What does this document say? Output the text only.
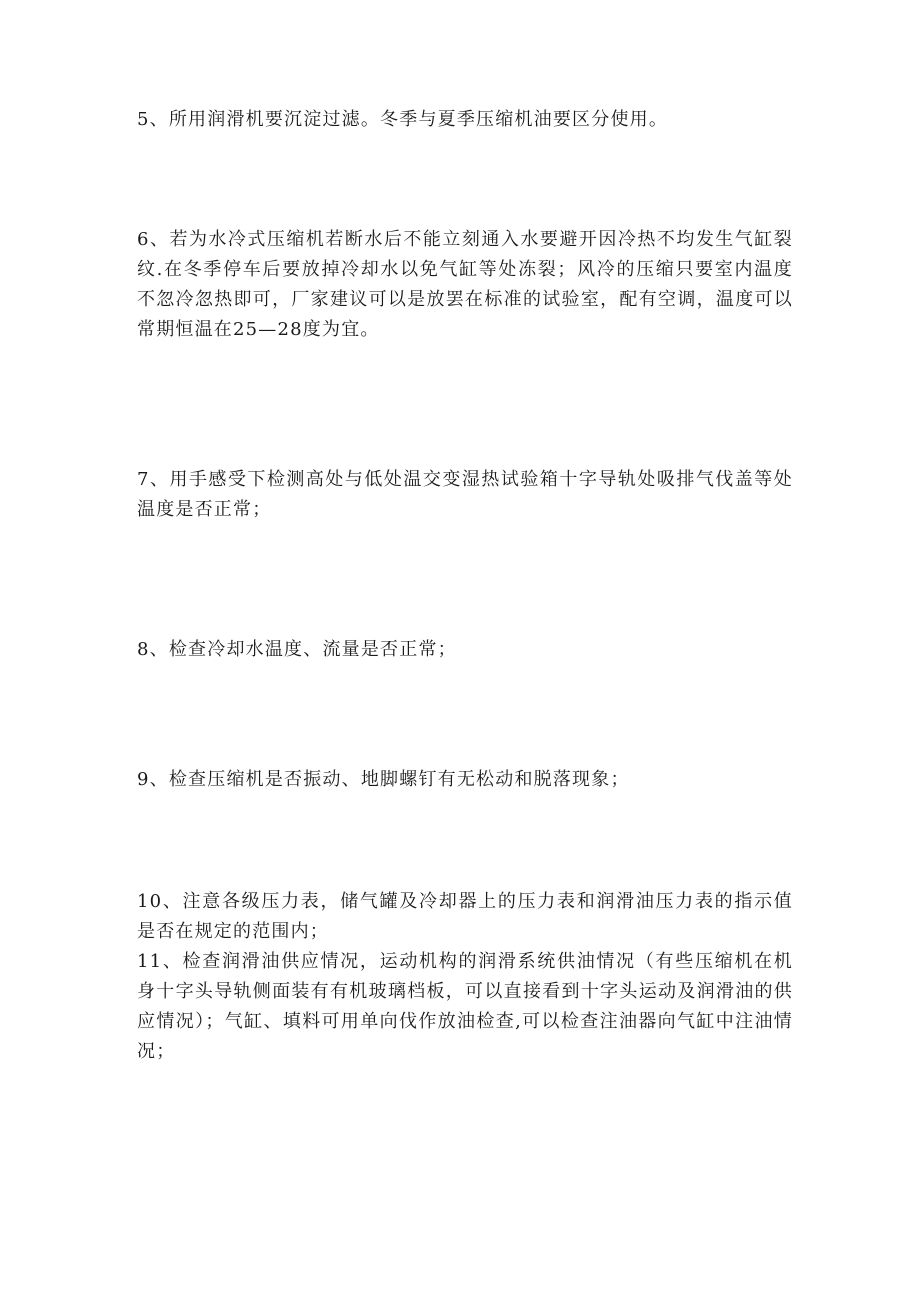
5、所用润滑机要沉淀过滤。冬季与夏季压缩机油要区分使用。

6、若为水冷式压缩机若断水后不能立刻通入水要避开因冷热不均发生气缸裂纹.在冬季停车后要放掉冷却水以免气缸等处冻裂；风冷的压缩只要室内温度不忽冷忽热即可，厂家建议可以是放罢在标准的试验室，配有空调，温度可以常期恒温在25—28度为宜。

7、用手感受下检测高处与低处温交变湿热试验箱十字导轨处吸排气伐盖等处温度是否正常；

8、检查冷却水温度、流量是否正常；

9、检查压缩机是否振动、地脚螺钉有无松动和脱落现象；

10、注意各级压力表，储气罐及冷却器上的压力表和润滑油压力表的指示值是否在规定的范围内；

11、检查润滑油供应情况，运动机构的润滑系统供油情况（有些压缩机在机身十字头导轨侧面装有有机玻璃档板，可以直接看到十字头运动及润滑油的供应情况）；气缸、填料可用单向伐作放油检查,可以检查注油器向气缸中注油情况；
